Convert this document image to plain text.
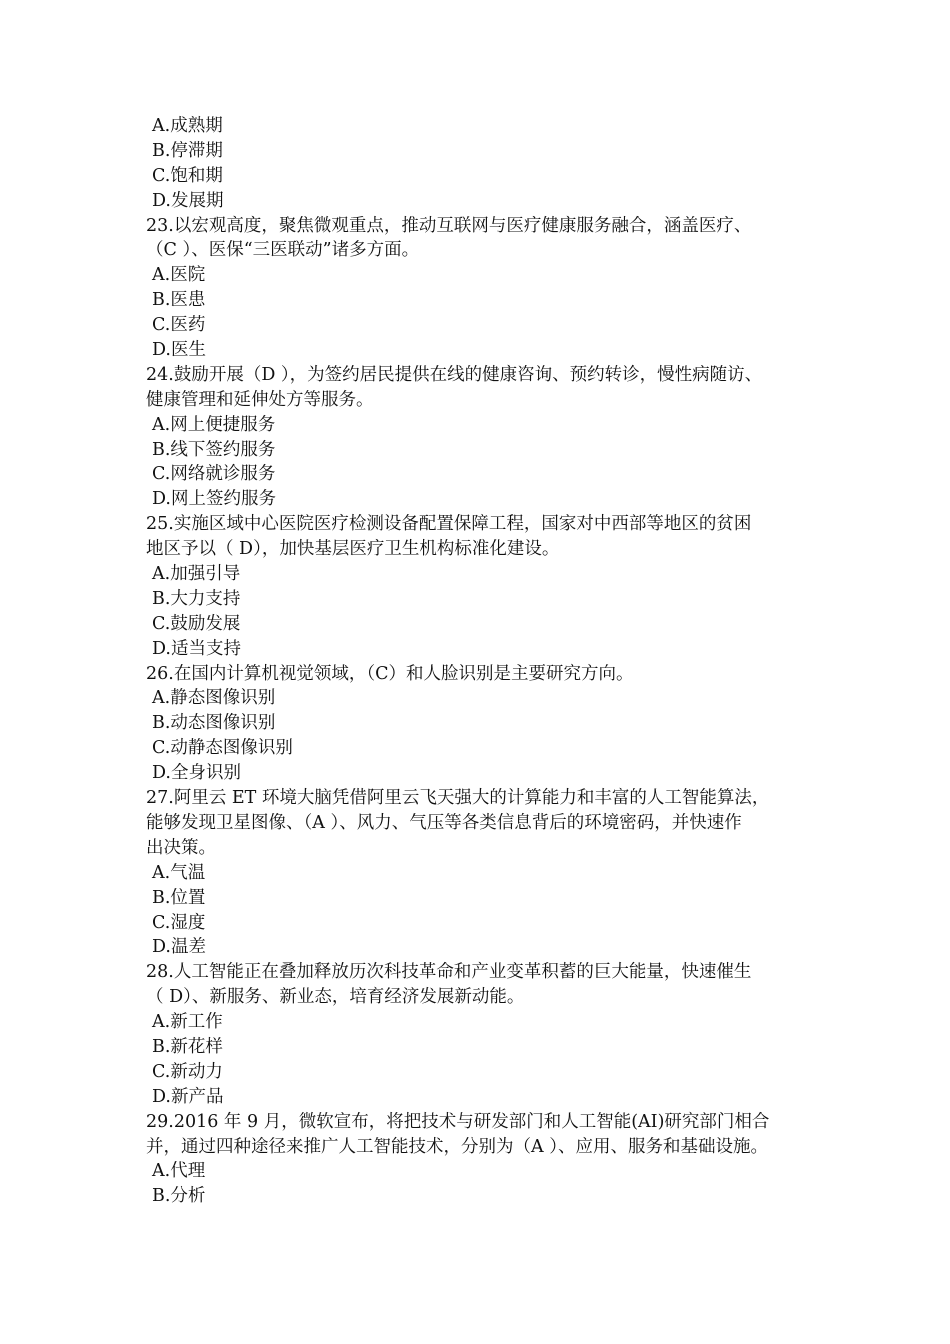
A.成熟期
B.停滞期
C.饱和期
D.发展期
23.以宏观高度，聚焦微观重点，推动互联网与医疗健康服务融合，涵盖医疗、
（C ）、医保“三医联动”诸多方面。
A.医院
B.医患
C.医药
D.医生
24.鼓励开展（D ），为签约居民提供在线的健康咨询、预约转诊，慢性病随访、
健康管理和延伸处方等服务。
A.网上便捷服务
B.线下签约服务
C.网络就诊服务
D.网上签约服务
25.实施区域中心医院医疗检测设备配置保障工程，国家对中西部等地区的贫困
地区予以（ D），加快基层医疗卫生机构标准化建设。
A.加强引导
B.大力支持
C.鼓励发展
D.适当支持
26.在国内计算机视觉领域，（C）和人脸识别是主要研究方向。
A.静态图像识别
B.动态图像识别
C.动静态图像识别
D.全身识别
27.阿里云 ET 环境大脑凭借阿里云飞天强大的计算能力和丰富的人工智能算法，
能够发现卫星图像、（A ）、风力、气压等各类信息背后的环境密码，并快速作
出决策。
A.气温
B.位置
C.湿度
D.温差
28.人工智能正在叠加释放历次科技革命和产业变革积蓄的巨大能量，快速催生
（ D）、新服务、新业态，培育经济发展新动能。
A.新工作
B.新花样
C.新动力
D.新产品
29.2016 年 9 月，微软宣布，将把技术与研发部门和人工智能(AI)研究部门相合
并，通过四种途径来推广人工智能技术，分别为（A ）、应用、服务和基础设施。
A.代理
B.分析
